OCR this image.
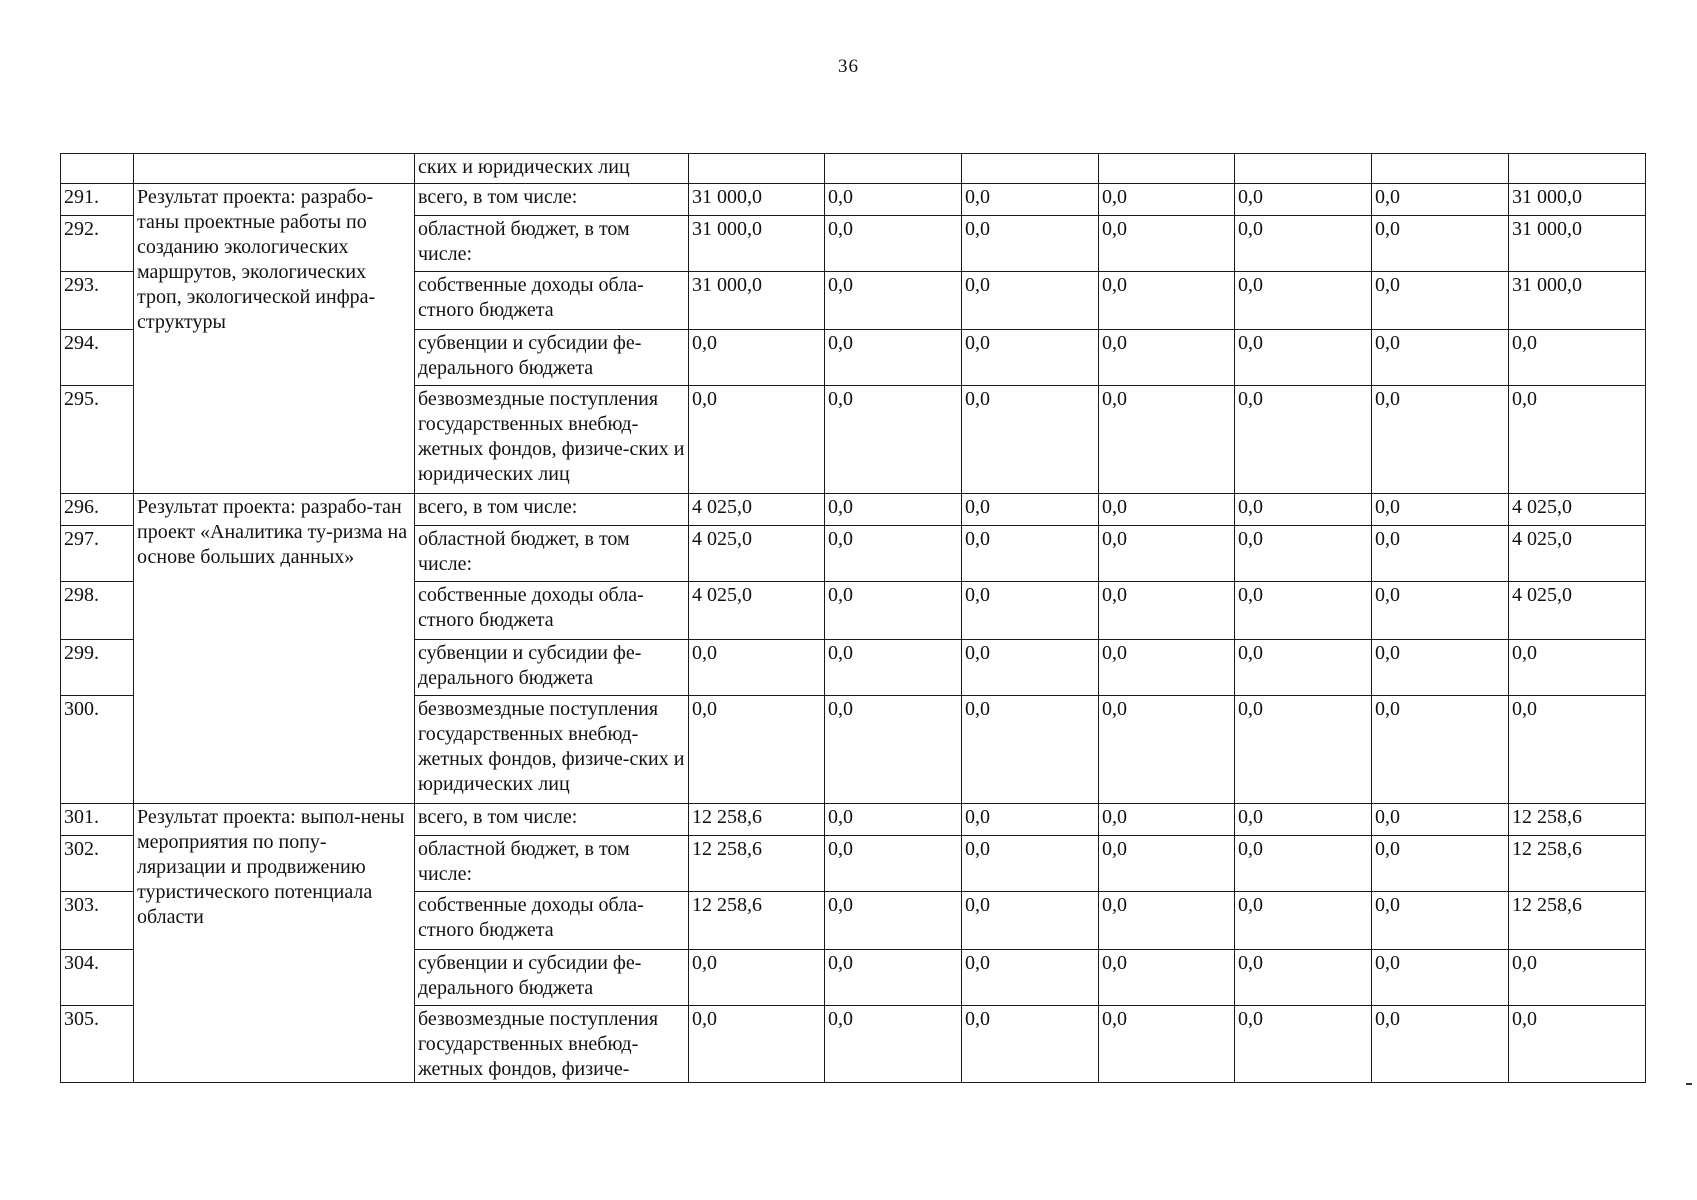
36
		ских и юридических лиц							
291.	Результат проекта: разрабо-таны проектные работы по созданию экологических маршрутов, экологических троп, экологической инфра-структуры	всего, в том числе:	31 000,0	0,0	0,0	0,0	0,0	0,0	31 000,0
292.		областной бюджет, в том числе:	31 000,0	0,0	0,0	0,0	0,0	0,0	31 000,0
293.		собственные доходы обла-стного бюджета	31 000,0	0,0	0,0	0,0	0,0	0,0	31 000,0
294.		субвенции и субсидии фе-дерального бюджета	0,0	0,0	0,0	0,0	0,0	0,0	0,0
295.		безвозмездные поступления государственных внебюд-жетных фондов, физиче-ских и юридических лиц	0,0	0,0	0,0	0,0	0,0	0,0	0,0
296.	Результат проекта: разрабо-тан проект «Аналитика ту-ризма на основе больших данных»	всего, в том числе:	4 025,0	0,0	0,0	0,0	0,0	0,0	4 025,0
297.		областной бюджет, в том числе:	4 025,0	0,0	0,0	0,0	0,0	0,0	4 025,0
298.		собственные доходы обла-стного бюджета	4 025,0	0,0	0,0	0,0	0,0	0,0	4 025,0
299.		субвенции и субсидии фе-дерального бюджета	0,0	0,0	0,0	0,0	0,0	0,0	0,0
300.		безвозмездные поступления государственных внебюд-жетных фондов, физиче-ских и юридических лиц	0,0	0,0	0,0	0,0	0,0	0,0	0,0
301.	Результат проекта: выпол-нены мероприятия по попу-ляризации и продвижению туристического потенциала области	всего, в том числе:	12 258,6	0,0	0,0	0,0	0,0	0,0	12 258,6
302.		областной бюджет, в том числе:	12 258,6	0,0	0,0	0,0	0,0	0,0	12 258,6
303.		собственные доходы обла-стного бюджета	12 258,6	0,0	0,0	0,0	0,0	0,0	12 258,6
304.		субвенции и субсидии фе-дерального бюджета	0,0	0,0	0,0	0,0	0,0	0,0	0,0
305.		безвозмездные поступления государственных внебюд-жетных фондов, физиче-	0,0	0,0	0,0	0,0	0,0	0,0	0,0
